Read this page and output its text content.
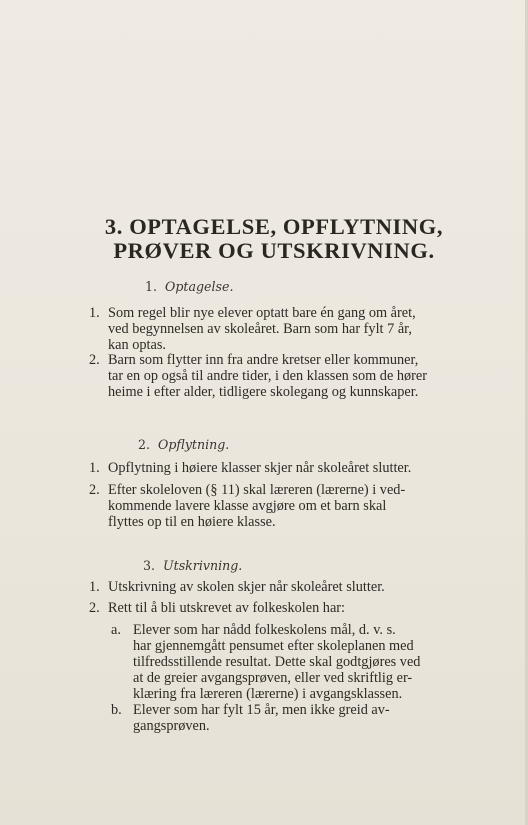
3. OPTAGELSE, OPFLYTNING,
PRØVER OG UTSKRIVNING.
1. Optagelse.
1. Som regel blir nye elever optatt bare én gang om året,
ved begynnelsen av skoleåret. Barn som har fylt 7 år,
kan optas.
2. Barn som flytter inn fra andre kretser eller kommuner,
tar en op også til andre tider, i den klassen som de hører
heime i efter alder, tidligere skolegang og kunnskaper.
2. Opflytning.
1. Opflytning i høiere klasser skjer når skoleåret slutter.
2. Efter skoleloven (§ 11) skal læreren (lærerne) i ved-
kommende lavere klasse avgjøre om et barn skal
flyttes op til en høiere klasse.
3. Utskrivning.
1. Utskrivning av skolen skjer når skoleåret slutter.
2. Rett til å bli utskrevet av folkeskolen har:
a. Elever som har nådd folkeskolens mål, d. v. s.
har gjennemgått pensumet efter skoleplanen med
tilfredsstillende resultat. Dette skal godtgjøres ved
at de greier avgangsprøven, eller ved skriftlig er-
klæring fra læreren (lærerne) i avgangsklassen.
b. Elever som har fylt 15 år, men ikke greid av-
gangsprøven.
